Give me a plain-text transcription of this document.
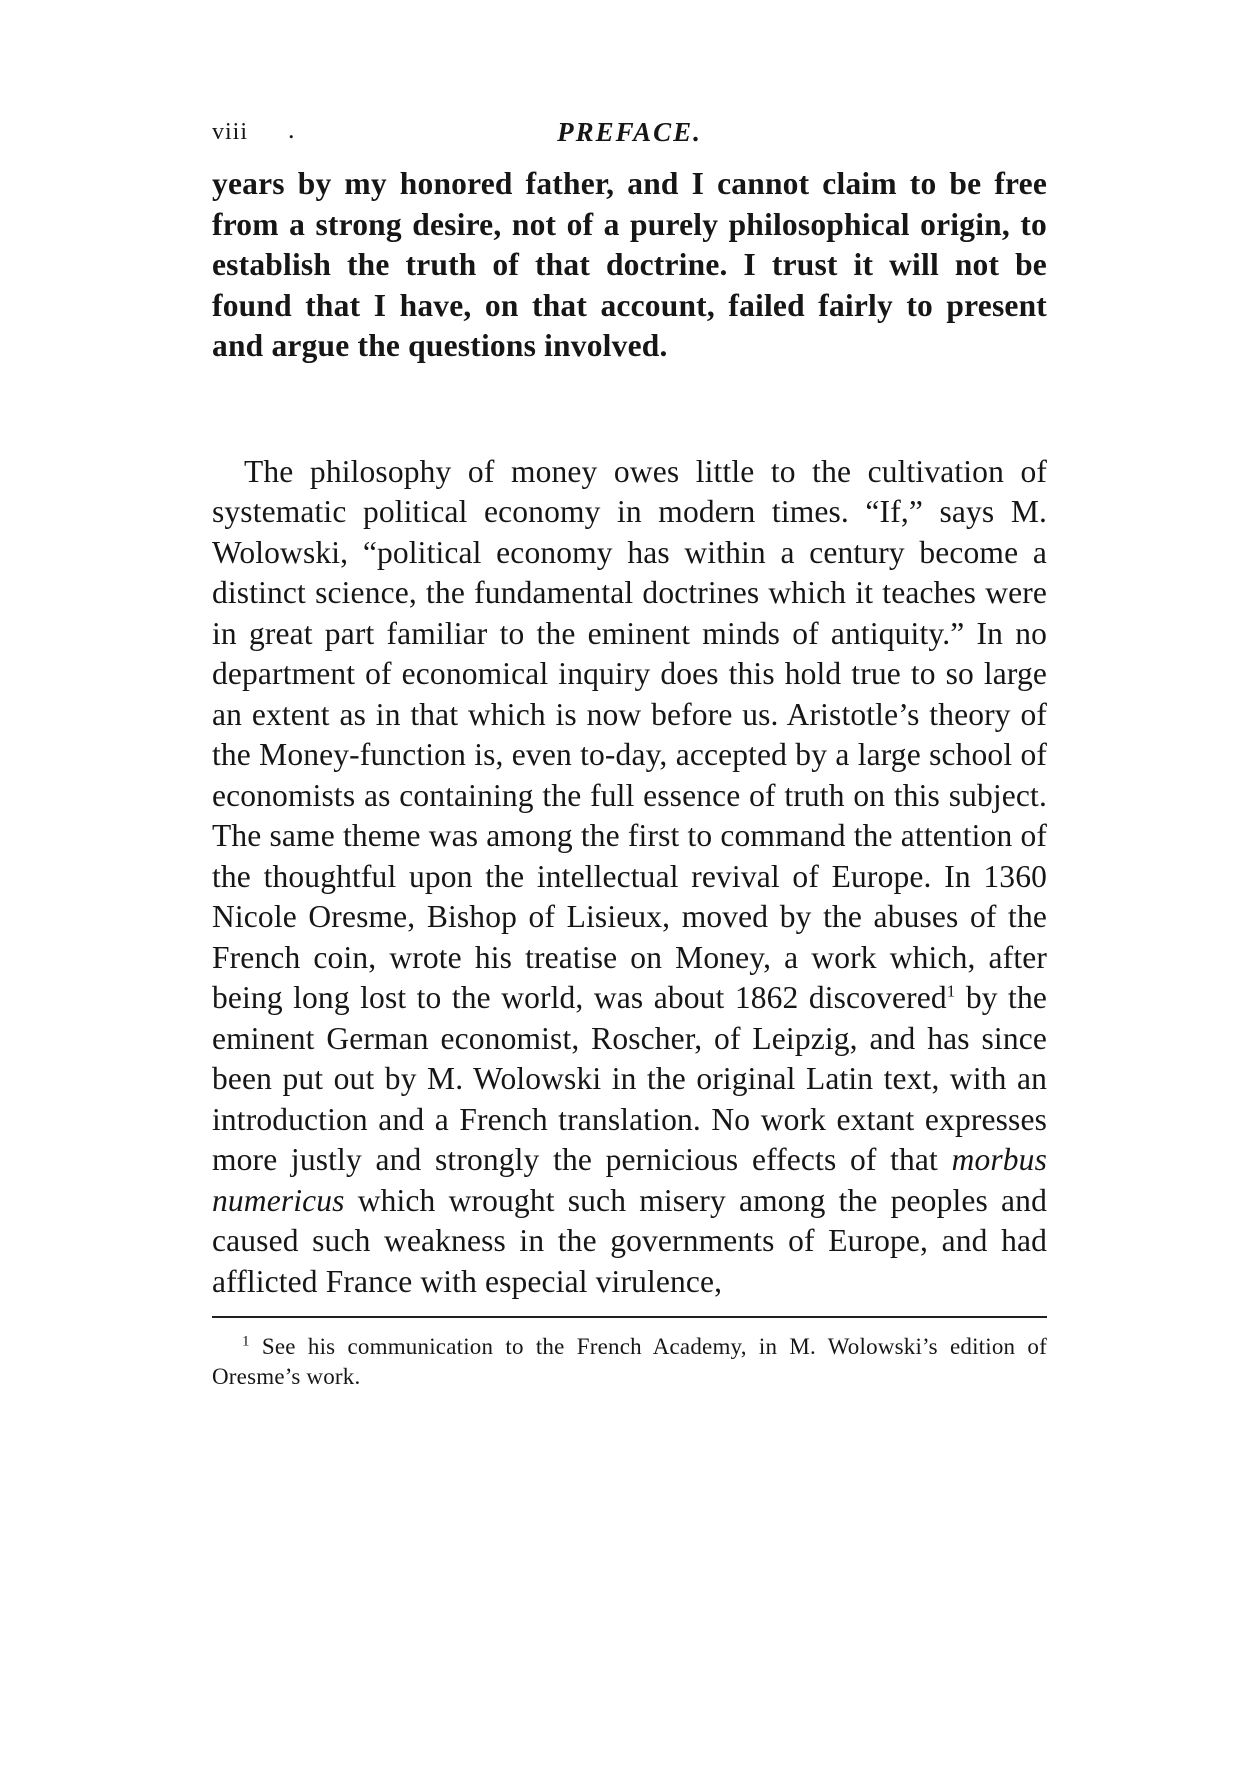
viii .	PREFACE.

years by my honored father, and I cannot claim to be free from a strong desire, not of a purely philosophical origin, to establish the truth of that doctrine. I trust it will not be found that I have, on that account, failed fairly to present and argue the questions involved.

The philosophy of money owes little to the cultivation of systematic political economy in modern times. “If,” says M. Wolowski, “political economy has within a century become a distinct science, the fundamental doctrines which it teaches were in great part familiar to the eminent minds of antiquity.” In no department of economical inquiry does this hold true to so large an extent as in that which is now before us. Aristotle’s theory of the Money-function is, even to-day, accepted by a large school of economists as containing the full essence of truth on this subject. The same theme was among the first to command the attention of the thoughtful upon the intellectual revival of Europe. In 1360 Nicole Oresme, Bishop of Lisieux, moved by the abuses of the French coin, wrote his treatise on Money, a work which, after being long lost to the world, was about 1862 discovered$^1$ by the eminent German economist, Roscher, of Leipzig, and has since been put out by M. Wolowski in the original Latin text, with an introduction and a French translation. No work extant expresses more justly and strongly the pernicious effects of that morbus numericus which wrought such misery among the peoples and caused such weakness in the governments of Europe, and had afflicted France with especial virulence,

$^1$ See his communication to the French Academy, in M. Wolowski’s edition of Oresme’s work.
